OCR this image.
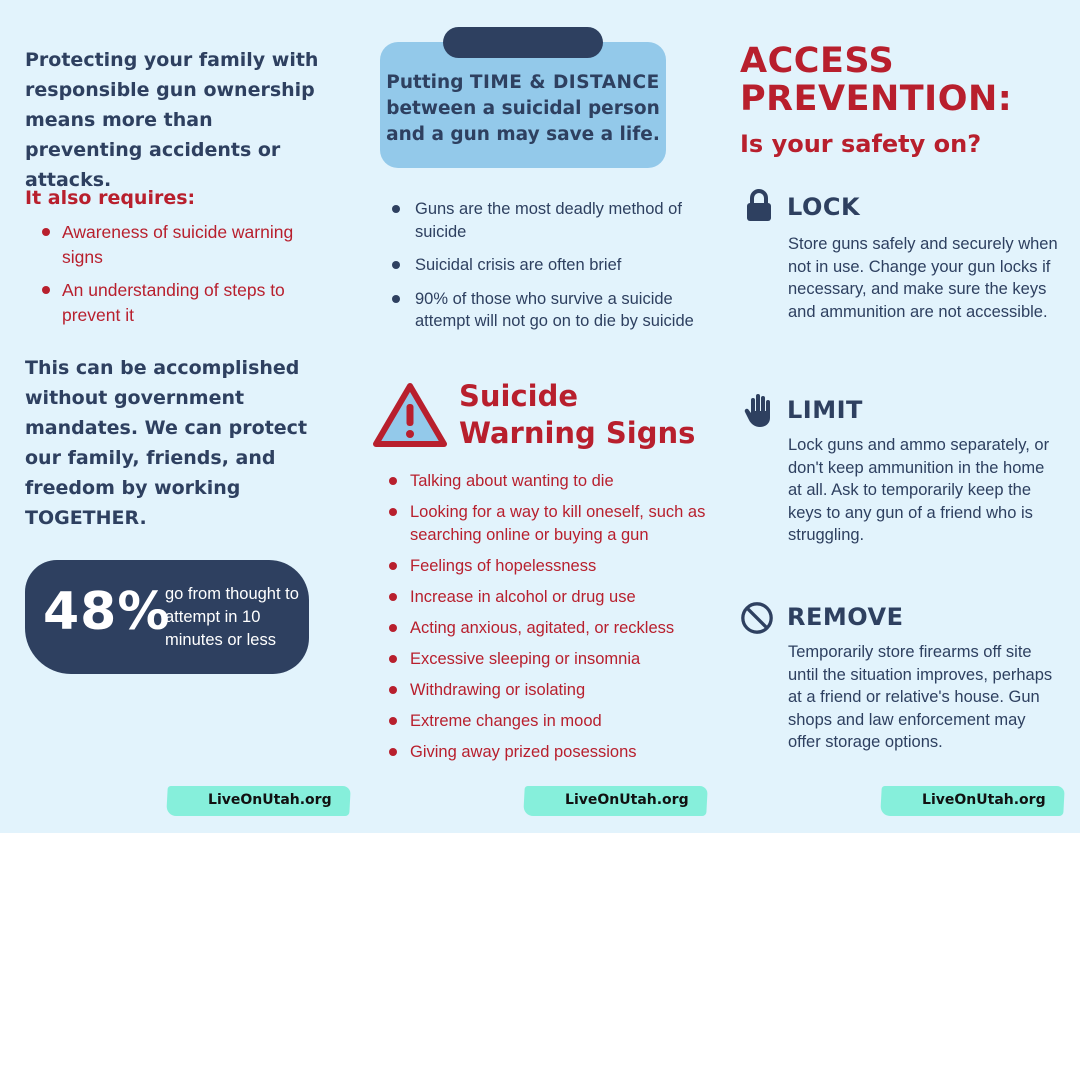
Protecting your family with responsible gun ownership means more than preventing accidents or attacks.

It also requires:

Awareness of suicide warning signs
An understanding of steps to prevent it

This can be accomplished without government mandates. We can protect our family, friends, and freedom by working TOGETHER.

48%
go from thought to attempt in 10 minutes or less
Putting TIME & DISTANCE between a suicidal person and a gun may save a life.
Guns are the most deadly method of suicide
Suicidal crisis are often brief
90% of those who survive a suicide attempt will not go on to die by suicide
Suicide
Warning Signs
Talking about wanting to die
Looking for a way to kill oneself, such as searching online or buying a gun
Feelings of hopelessness
Increase in alcohol or drug use
Acting anxious, agitated, or reckless
Excessive sleeping or insomnia
Withdrawing or isolating
Extreme changes in mood
Giving away prized posessions
ACCESS
PREVENTION:

Is your safety on?

LOCK

Store guns safely and securely when not in use. Change your gun locks if necessary, and make sure the keys and ammunition are not accessible.

LIMIT

Lock guns and ammo separately, or don't keep ammunition in the home at all. Ask to temporarily keep the keys to any gun of a friend who is struggling.

REMOVE

Temporarily store firearms off site until the situation improves, perhaps at a friend or relative's house. Gun shops and law enforcement may offer storage options.

LiveOnUtah.org	LiveOnUtah.org	LiveOnUtah.org
